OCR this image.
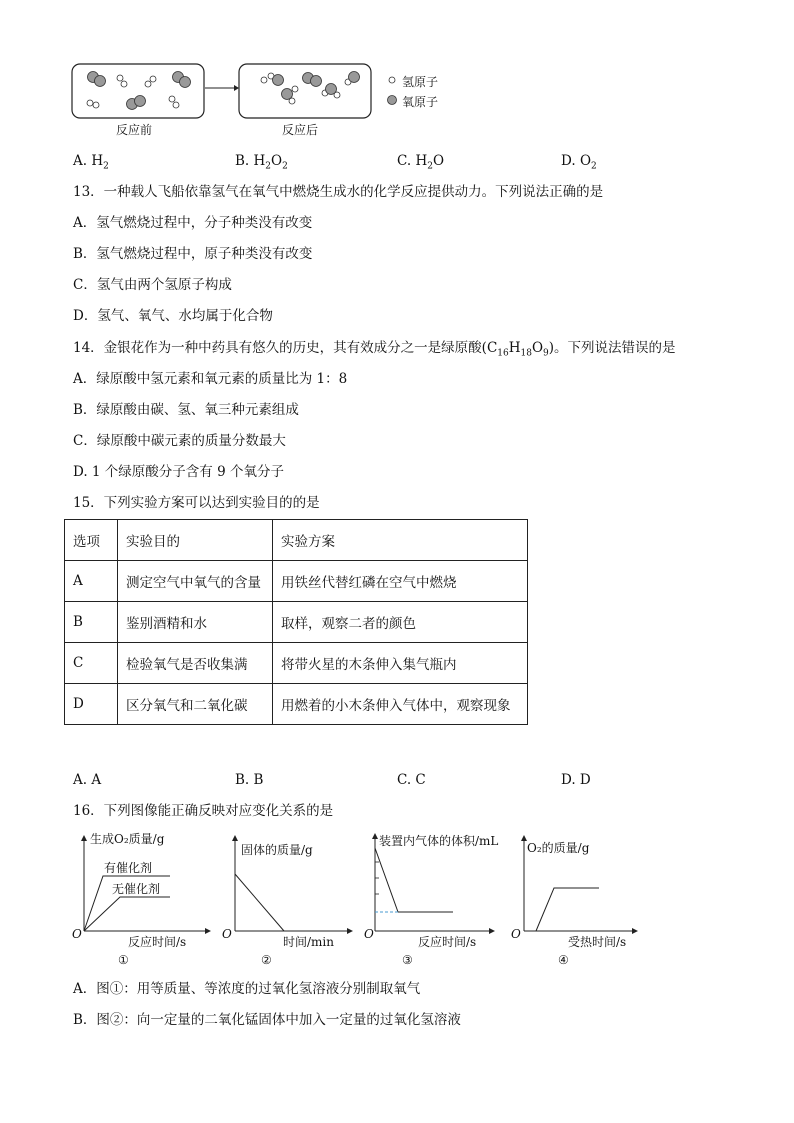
氢原子
氧原子
反应前	反应后
A. $H_2$	B. $H_2O_2$	C. $H_2O$	D. $O_2$
13．一种载人飞船依靠氢气在氧气中燃烧生成水的化学反应提供动力。下列说法正确的是
A．氢气燃烧过程中，分子种类没有改变
B．氢气燃烧过程中，原子种类没有改变
C．氢气由两个氢原子构成
D．氢气、氧气、水均属于化合物
14．金银花作为一种中药具有悠久的历史，其有效成分之一是绿原酸$(C_{16}H_{18}O_9)$。下列说法错误的是
A．绿原酸中氢元素和氧元素的质量比为 1：8
B．绿原酸由碳、氢、氧三种元素组成
C．绿原酸中碳元素的质量分数最大
D. 1 个绿原酸分子含有 9 个氧分子
15．下列实验方案可以达到实验目的的是
选项	实验目的	实验方案
A	测定空气中氧气的含量	用铁丝代替红磷在空气中燃烧
B	鉴别酒精和水	取样，观察二者的颜色
C	检验氧气是否收集满	将带火星的木条伸入集气瓶内
D	区分氧气和二氧化碳	用燃着的小木条伸入气体中，观察现象
A. A	B. B	C. C	D. D
16．下列图像能正确反映对应变化关系的是
生成O₂质量/g
有催化剂
无催化剂
O
反应时间/s
①
固体的质量/g
O
时间/min
②
装置内气体的体积/mL
O
反应时间/s
③
O₂的质量/g
O
受热时间/s
④
A．图①：用等质量、等浓度的过氧化氢溶液分别制取氧气
B．图②：向一定量的二氧化锰固体中加入一定量的过氧化氢溶液
